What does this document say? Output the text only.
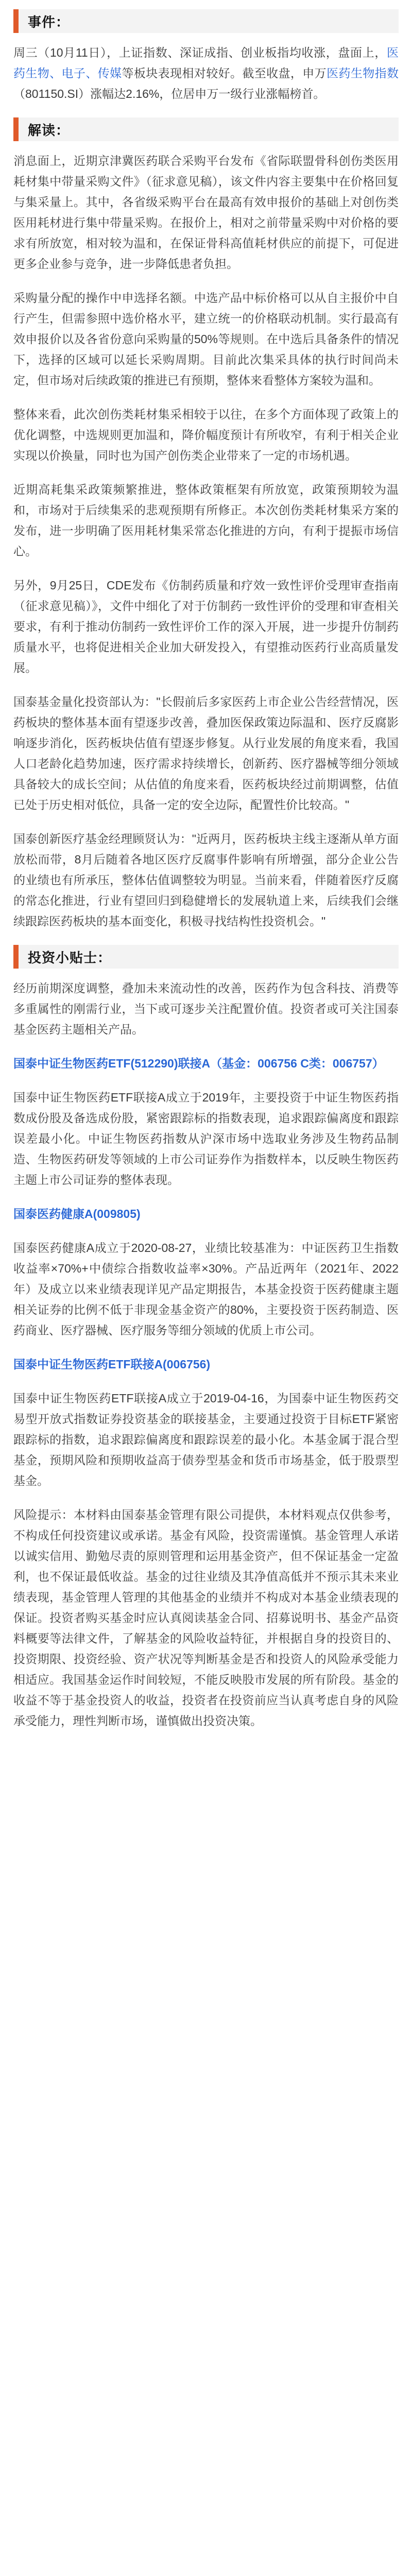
事件：

周三（10月11日），上证指数、深证成指、创业板指均收涨，盘面上，医药生物、电子、传媒等板块表现相对较好。截至收盘，申万医药生物指数（801150.SI）涨幅达2.16%，位居申万一级行业涨幅榜首。

解读：

消息面上，近期京津冀医药联合采购平台发布《省际联盟骨科创伤类医用耗材集中带量采购文件》（征求意见稿），该文件内容主要集中在价格回复与集采量上。其中，各省级采购平台在最高有效申报价的基础上对创伤类医用耗材进行集中带量采购。在报价上，相对之前带量采购中对价格的要求有所放宽，相对较为温和，在保证骨科高值耗材供应的前提下，可促进更多企业参与竞争，进一步降低患者负担。

采购量分配的操作中申选择名额。中选产品中标价格可以从自主报价中自行产生，但需参照中选价格水平，建立统一的价格联动机制。实行最高有效申报价以及各省份意向采购量的50%等规则。在中选后具备条件的情况下，选择的区域可以延长采购周期。目前此次集采具体的执行时间尚未定，但市场对后续政策的推进已有预期，整体来看整体方案较为温和。

整体来看，此次创伤类耗材集采相较于以往，在多个方面体现了政策上的优化调整，中选规则更加温和，降价幅度预计有所收窄，有利于相关企业实现以价换量，同时也为国产创伤类企业带来了一定的市场机遇。

近期高耗集采政策频繁推进，整体政策框架有所放宽，政策预期较为温和，市场对于后续集采的悲观预期有所修正。本次创伤类耗材集采方案的发布，进一步明确了医用耗材集采常态化推进的方向，有利于提振市场信心。

另外，9月25日，CDE发布《仿制药质量和疗效一致性评价受理审查指南（征求意见稿）》，文件中细化了对于仿制药一致性评价的受理和审查相关要求，有利于推动仿制药一致性评价工作的深入开展，进一步提升仿制药质量水平，也将促进相关企业加大研发投入，有望推动医药行业高质量发展。

国泰基金量化投资部认为："长假前后多家医药上市企业公告经营情况，医药板块的整体基本面有望逐步改善，叠加医保政策边际温和、医疗反腐影响逐步消化，医药板块估值有望逐步修复。从行业发展的角度来看，我国人口老龄化趋势加速，医疗需求持续增长，创新药、医疗器械等细分领域具备较大的成长空间；从估值的角度来看，医药板块经过前期调整，估值已处于历史相对低位，具备一定的安全边际，配置性价比较高。"

国泰创新医疗基金经理顾贤认为："近两月，医药板块主线主逐渐从单方面放松而带，8月后随着各地区医疗反腐事件影响有所增强，部分企业公告的业绩也有所承压，整体估值调整较为明显。当前来看，伴随着医疗反腐的常态化推进，行业有望回归到稳健增长的发展轨道上来，后续我们会继续跟踪医药板块的基本面变化，积极寻找结构性投资机会。"

投资小贴士：

经历前期深度调整，叠加未来流动性的改善，医药作为包含科技、消费等多重属性的刚需行业，当下或可逐步关注配置价值。投资者或可关注国泰基金医药主题相关产品。

国泰中证生物医药ETF(512290)联接A（基金：006756 C类：006757）

国泰中证生物医药ETF联接A成立于2019年，主要投资于中证生物医药指数成份股及备选成份股，紧密跟踪标的指数表现，追求跟踪偏离度和跟踪误差最小化。中证生物医药指数从沪深市场中选取业务涉及生物药品制造、生物医药研发等领域的上市公司证券作为指数样本，以反映生物医药主题上市公司证券的整体表现。

国泰医药健康A(009805)

国泰医药健康A成立于2020-08-27，业绩比较基准为：中证医药卫生指数收益率×70%+中债综合指数收益率×30%。产品近两年（2021年、2022年）及成立以来业绩表现详见产品定期报告，本基金投资于医药健康主题相关证券的比例不低于非现金基金资产的80%，主要投资于医药制造、医药商业、医疗器械、医疗服务等细分领域的优质上市公司。

国泰中证生物医药ETF联接A(006756)

国泰中证生物医药ETF联接A成立于2019-04-16，为国泰中证生物医药交易型开放式指数证券投资基金的联接基金，主要通过投资于目标ETF紧密跟踪标的指数，追求跟踪偏离度和跟踪误差的最小化。本基金属于混合型基金，预期风险和预期收益高于债券型基金和货币市场基金，低于股票型基金。

风险提示：本材料由国泰基金管理有限公司提供，本材料观点仅供参考，不构成任何投资建议或承诺。基金有风险，投资需谨慎。基金管理人承诺以诚实信用、勤勉尽责的原则管理和运用基金资产，但不保证基金一定盈利，也不保证最低收益。基金的过往业绩及其净值高低并不预示其未来业绩表现，基金管理人管理的其他基金的业绩并不构成对本基金业绩表现的保证。投资者购买基金时应认真阅读基金合同、招募说明书、基金产品资料概要等法律文件，了解基金的风险收益特征，并根据自身的投资目的、投资期限、投资经验、资产状况等判断基金是否和投资人的风险承受能力相适应。我国基金运作时间较短，不能反映股市发展的所有阶段。基金的收益不等于基金投资人的收益，投资者在投资前应当认真考虑自身的风险承受能力，理性判断市场，谨慎做出投资决策。
